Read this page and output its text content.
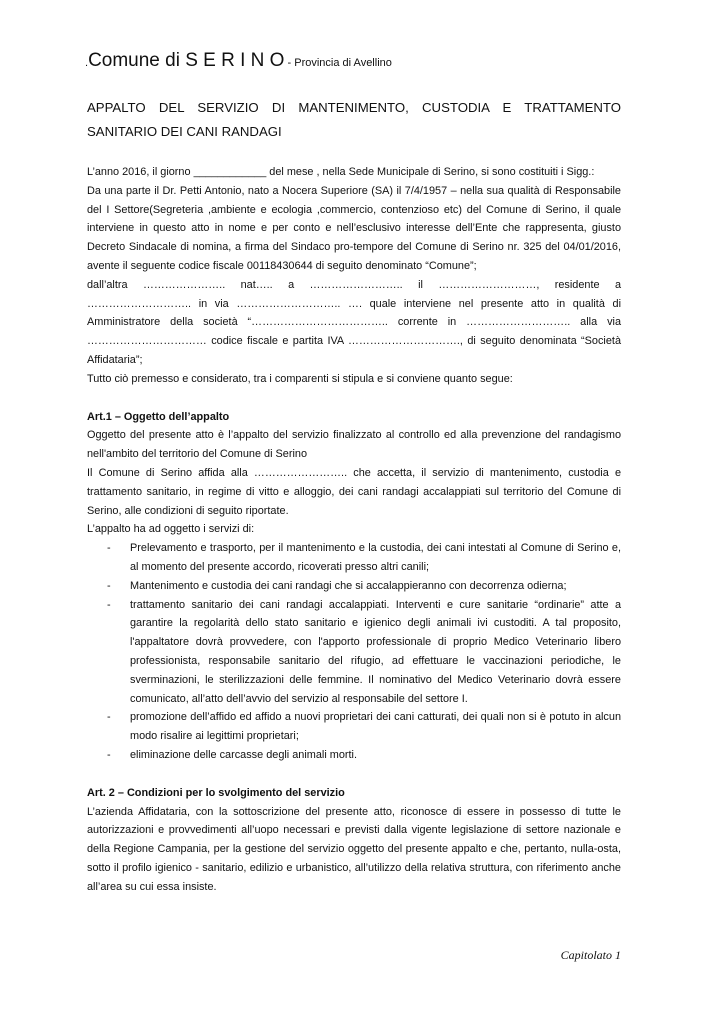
.Comune di S E R I N O - Provincia di Avellino
APPALTO DEL SERVIZIO DI MANTENIMENTO, CUSTODIA E TRATTAMENTO
SANITARIO DEI CANI RANDAGI

L’anno 2016, il giorno ____________ del mese , nella Sede Municipale di Serino, si sono costituiti i Sigg.:

Da una parte il Dr. Petti Antonio, nato a Nocera Superiore (SA) il 7/4/1957 – nella sua qualità di Responsabile del I Settore(Segreteria ,ambiente e ecologia ,commercio, contenzioso etc) del Comune di Serino, il quale interviene in questo atto in nome e per conto e nell’esclusivo interesse dell’Ente che rappresenta, giusto Decreto Sindacale di nomina, a firma del Sindaco pro-tempore del Comune di Serino nr. 325 del 04/01/2016, avente il seguente codice fiscale 00118430644 di seguito denominato “Comune”;

dall’altra ………………….. nat….. a …………………….. il ………………………, residente a ……………………….. in via ……………………….. …. quale interviene nel presente atto in qualità di Amministratore della società “……………………………….. corrente in ……………………….. alla via …………………………… codice fiscale e partita IVA …………………………., di seguito denominata “Società Affidataria”;

Tutto ciò premesso e considerato, tra i comparenti si stipula e si conviene quanto segue:

Art.1 – Oggetto dell’appalto

Oggetto del presente atto è l’appalto del servizio finalizzato al controllo ed alla prevenzione del randagismo nell'ambito del territorio del Comune di Serino

Il Comune di Serino affida alla …………………….. che accetta, il servizio di mantenimento, custodia e trattamento sanitario, in regime di vitto e alloggio, dei cani randagi accalappiati sul territorio del Comune di Serino, alle condizioni di seguito riportate.

L’appalto ha ad oggetto i servizi di:

- Prelevamento e trasporto, per il mantenimento e la custodia, dei cani intestati al Comune di Serino e, al momento del presente accordo, ricoverati presso altri canili;
- Mantenimento e custodia dei cani randagi che si accalappieranno con decorrenza odierna;
- trattamento sanitario dei cani randagi accalappiati. Interventi e cure sanitarie “ordinarie” atte a garantire la regolarità dello stato sanitario e igienico degli animali ivi custoditi. A tal proposito, l'appaltatore dovrà provvedere, con l'apporto professionale di proprio Medico Veterinario libero professionista, responsabile sanitario del rifugio, ad effettuare le vaccinazioni periodiche, le sverminazioni, le sterilizzazioni delle femmine. Il nominativo del Medico Veterinario dovrà essere comunicato, all’atto dell’avvio del servizio al responsabile del settore I.
- promozione dell’affido ed affido a nuovi proprietari dei cani catturati, dei quali non si è potuto in alcun modo risalire ai legittimi proprietari;
- eliminazione delle carcasse degli animali morti.

Art. 2 – Condizioni per lo svolgimento del servizio

L’azienda Affidataria, con la sottoscrizione del presente atto, riconosce di essere in possesso di tutte le autorizzazioni e provvedimenti all’uopo necessari e previsti dalla vigente legislazione di settore nazionale e della Regione Campania, per la gestione del servizio oggetto del presente appalto e che, pertanto, nulla-osta, sotto il profilo igienico - sanitario, edilizio e urbanistico, all’utilizzo della relativa struttura, con riferimento anche all’area su cui essa insiste.

Capitolato 1
